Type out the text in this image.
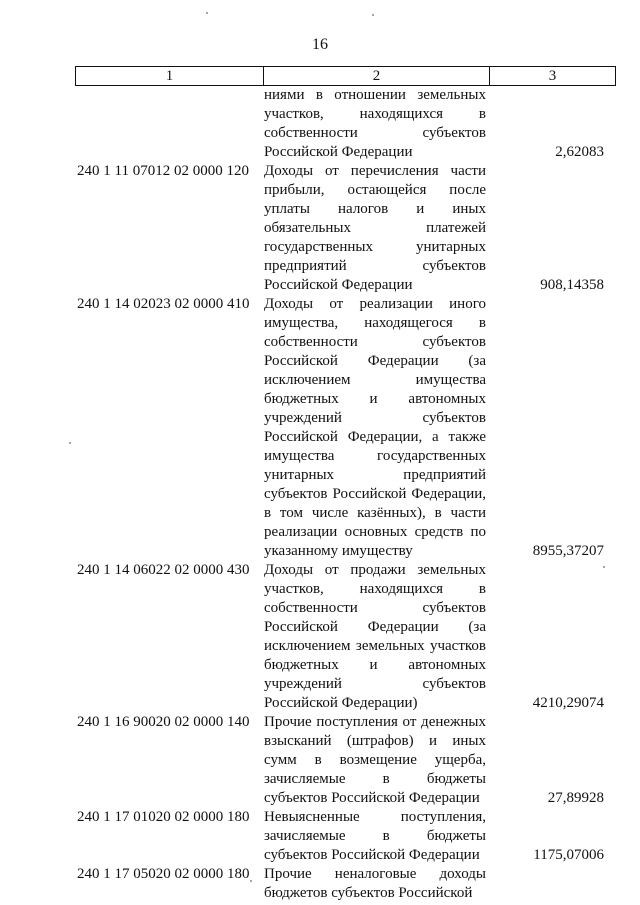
16
1	2	3
ниями в отношении земельных участков, находящихся в собственности субъектов Российской Федерации	2,62083
240 1 11 07012 02 0000 120 Доходы от перечисления части прибыли, остающейся после уплаты налогов и иных обязательных платежей государственных унитарных предприятий субъектов Российской Федерации	908,14358
240 1 14 02023 02 0000 410 Доходы от реализации иного имущества, находящегося в собственности субъектов Российской Федерации (за исключением имущества бюджетных и автономных учреждений субъектов Российской Федерации, а также имущества государственных унитарных предприятий субъектов Российской Федерации, в том числе казённых), в части реализации основных средств по указанному имуществу	8955,37207
240 1 14 06022 02 0000 430 Доходы от продажи земельных участков, находящихся в собственности субъектов Российской Федерации (за исключением земельных участков бюджетных и автономных учреждений субъектов Российской Федерации)	4210,29074
240 1 16 90020 02 0000 140 Прочие поступления от денежных взысканий (штрафов) и иных сумм в возмещение ущерба, зачисляемые в бюджеты субъектов Российской Федерации	27,89928
240 1 17 01020 02 0000 180 Невыясненные поступления, зачисляемые в бюджеты субъектов Российской Федерации	1175,07006
240 1 17 05020 02 0000 180 Прочие неналоговые доходы бюджетов субъектов Российской
